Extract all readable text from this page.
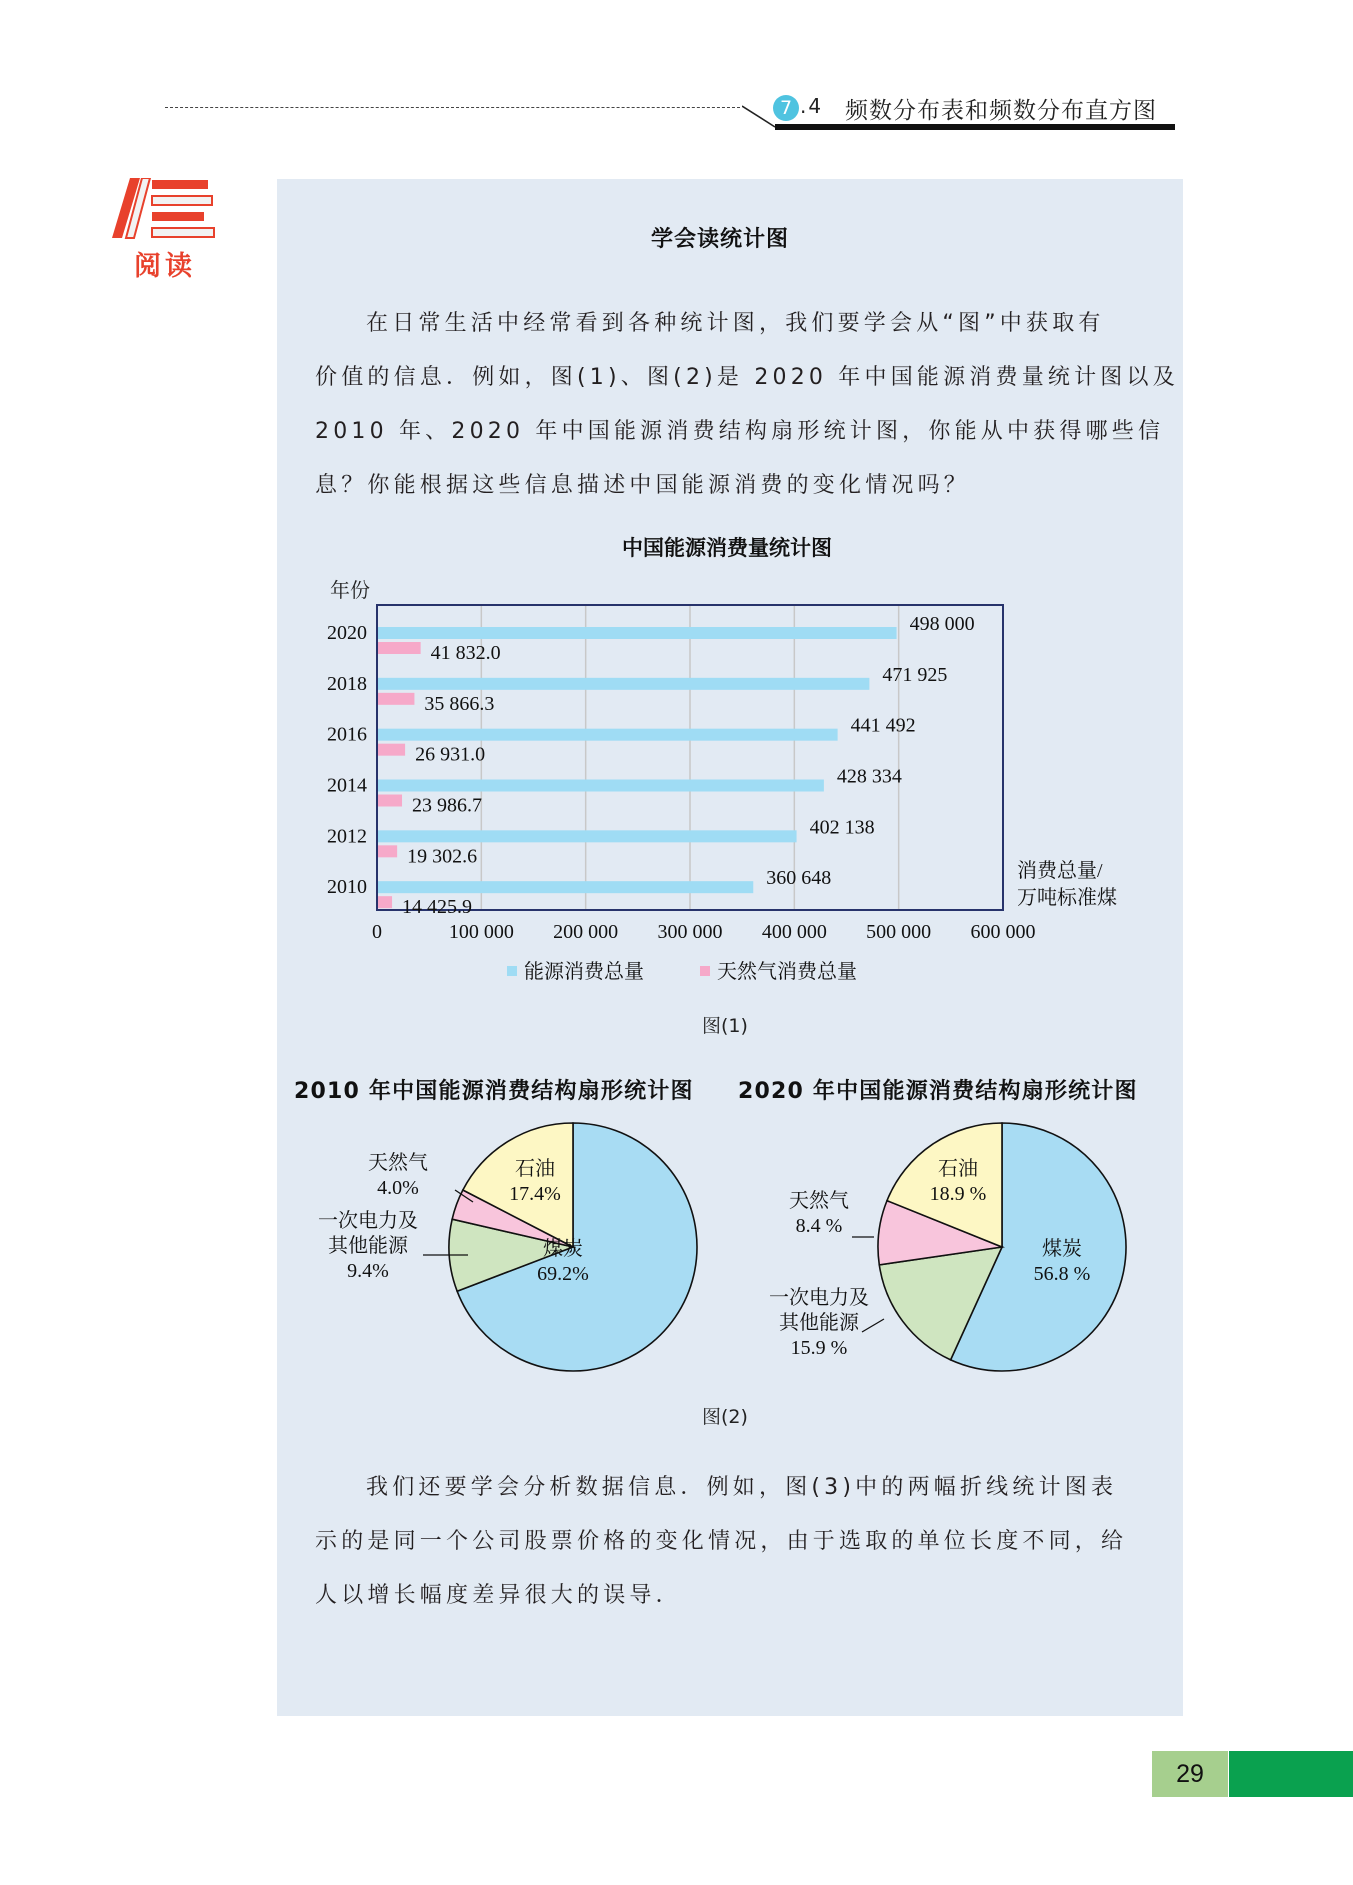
7 .4 频数分布表和频数分布直方图
阅读
学会读统计图
在日常生活中经常看到各种统计图，我们要学会从“图”中获取有
价值的信息．例如，图(1)、图(2)是 2020 年中国能源消费量统计图以及
2010 年、2020 年中国能源消费结构扇形统计图，你能从中获得哪些信
息？你能根据这些信息描述中国能源消费的变化情况吗？
中国能源消费量统计图
年份
0	100 000 200 000 300 000 400 000 500 000 600 000
2020	498 000
41 832.0
2018	471 925
35 866.3
2016	441 492
26 931.0
2014	428 334
23 986.7
2012	402 138
19 302.6
2010	360 648
14 425.9
消费总量/
万吨标准煤
能源消费总量	天然气消费总量
图(1)
2010 年中国能源消费结构扇形统计图 2020 年中国能源消费结构扇形统计图
煤炭
69.2%
一次电力及
其他能源
9.4%
天然气
4.0%
石油
17.4%
煤炭
56.8 %
一次电力及
其他能源
15.9 %
天然气
8.4 %
石油
18.9 %
图(2)
我们还要学会分析数据信息．例如，图(3)中的两幅折线统计图表
示的是同一个公司股票价格的变化情况，由于选取的单位长度不同，给
人以增长幅度差异很大的误导．
29
